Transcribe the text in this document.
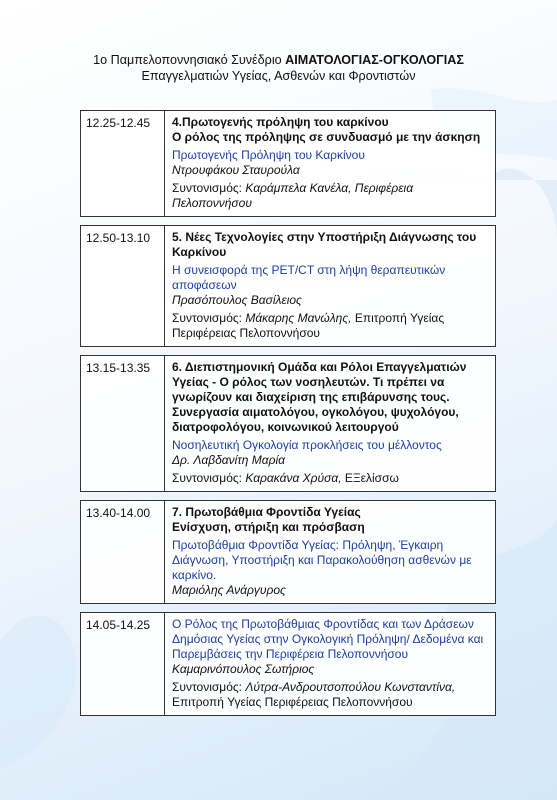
1ο Παμπελοποννησιακό Συνέδριο ΑΙΜΑΤΟΛΟΓΙΑΣ-ΟΓΚΟΛΟΓΙΑΣ
Επαγγελματιών Υγείας, Ασθενών και Φροντιστών
12.25-12.45	4.Πρωτογενής πρόληψη του καρκίνου
Ο ρόλος της πρόληψης σε συνδυασμό με την άσκηση
Πρωτογενής Πρόληψη του Καρκίνου
Ντρουφάκου Σταυρούλα
Συντονισμός: Καράμπελα Κανέλα, Περιφέρεια Πελοποννήσου
12.50-13.10	5. Νέες Τεχνολογίες στην Υποστήριξη Διάγνωσης του Καρκίνου
Η συνεισφορά της PET/CT στη λήψη θεραπευτικών αποφάσεων
Πρασόπουλος Βασίλειος
Συντονισμός: Μάκαρης Μανώλης, Επιτροπή Υγείας Περιφέρειας Πελοποννήσου
13.15-13.35	6. Διεπιστημονική Ομάδα και Ρόλοι Επαγγελματιών Υγείας - Ο ρόλος των νοσηλευτών. Τι πρέπει να γνωρίζουν και διαχείριση της επιβάρυνσης τους. Συνεργασία αιματολόγου, ογκολόγου, ψυχολόγου, διατροφολόγου, κοινωνικού λειτουργού
Νοσηλευτική Ογκολογία προκλήσεις του μέλλοντος
Δρ. Λαβδανίτη Μαρία
Συντονισμός: Καρακάνα Χρύσα, ΕΞελίσσω
13.40-14.00	7. Πρωτοβάθμια Φροντίδα Υγείας
Ενίσχυση, στήριξη και πρόσβαση
Πρωτοβάθμια Φροντίδα Υγείας: Πρόληψη, Έγκαιρη Διάγνωση, Υποστήριξη και Παρακολούθηση ασθενών με καρκίνο.
Μαριόλης Ανάργυρος
14.05-14.25	Ο Ρόλος της Πρωτοβάθμιας Φροντίδας και των Δράσεων Δημόσιας Υγείας στην Ογκολογική Πρόληψη/ Δεδομένα και Παρεμβάσεις την Περιφέρεια Πελοποννήσου
Καμαρινόπουλος Σωτήριος
Συντονισμός: Λύτρα-Ανδρουτσοπούλου Κωνσταντίνα, Επιτροπή Υγείας Περιφέρειας Πελοποννήσου
